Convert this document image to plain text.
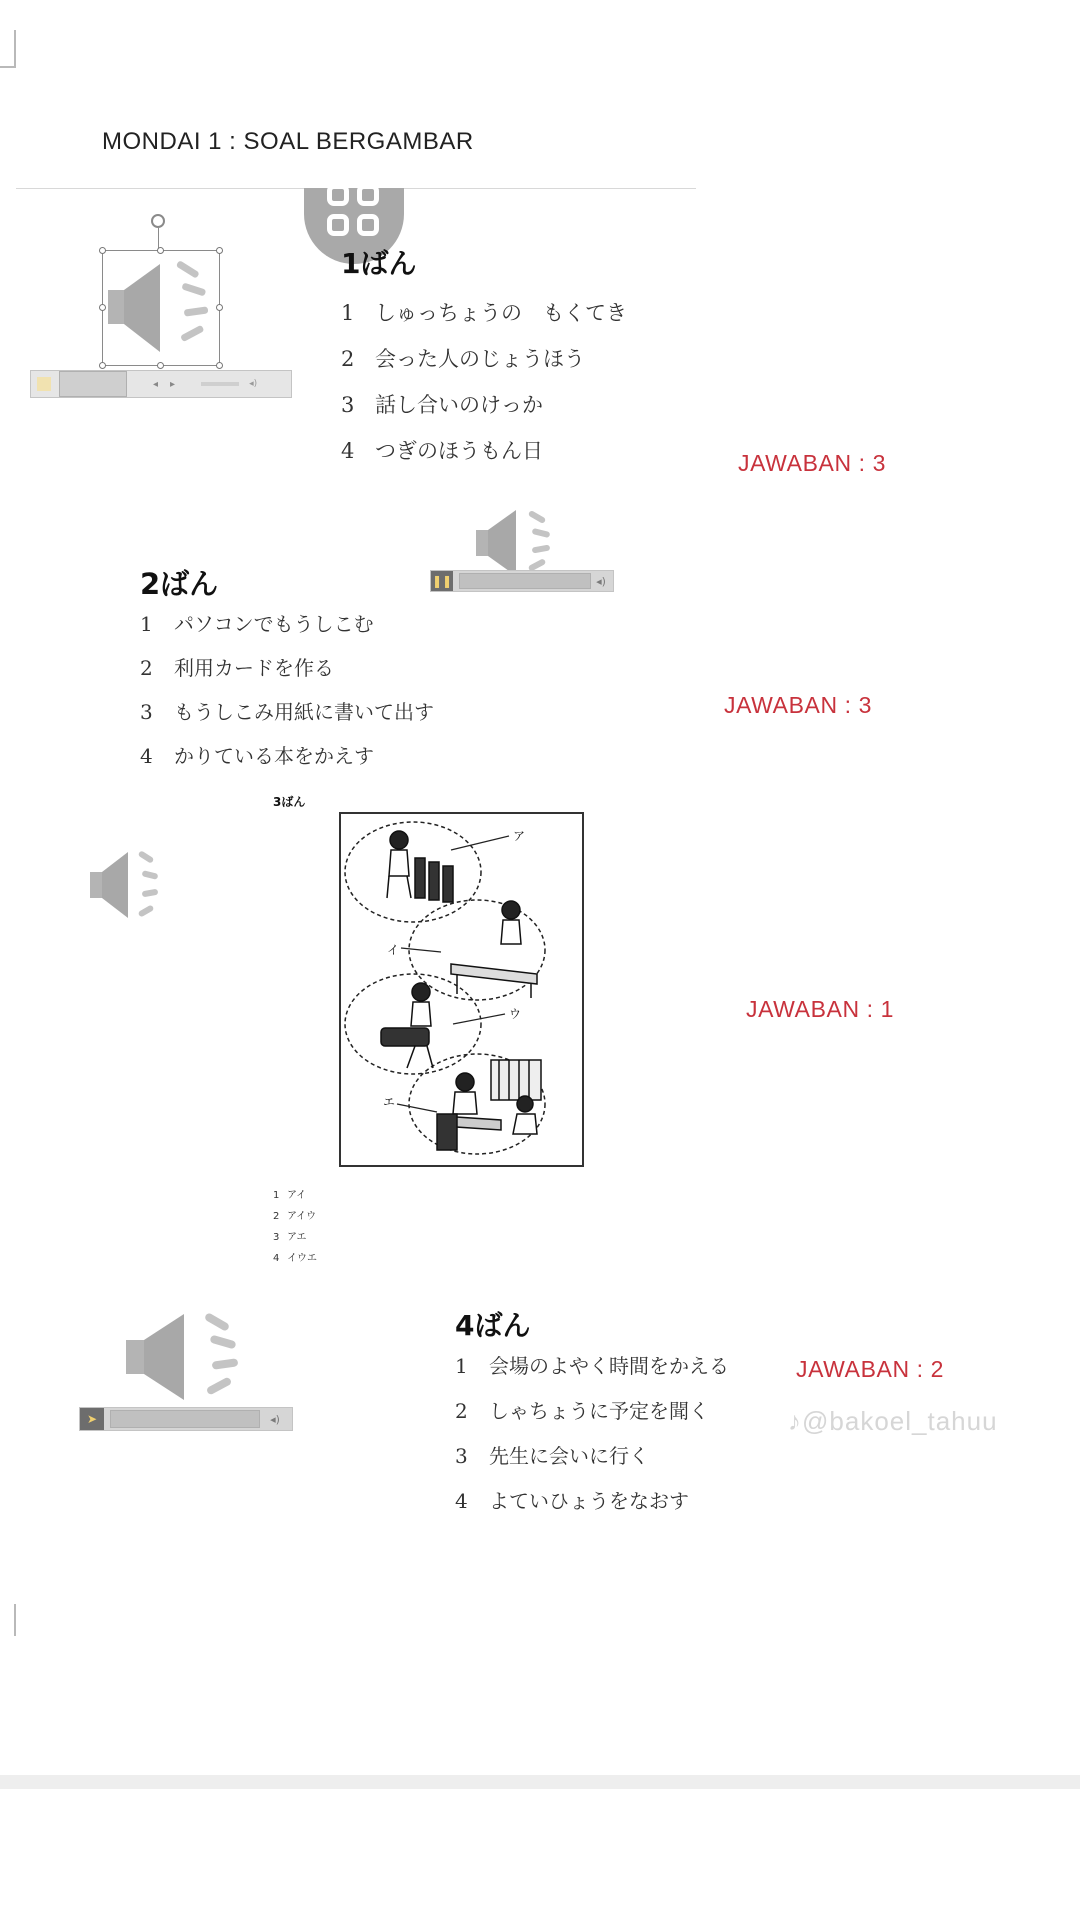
MONDAI 1 : SOAL BERGAMBAR
◂ ▸	◂)
1ばん
1 しゅっちょうの　もくてき
2 会った人のじょうほう
3 話し合いのけっか
4 つぎのほうもん日	JAWABAN : 3
❚❚	◂)
2ばん
1	パソコンでもうしこむ
2	利用カードを作る
3	もうしこみ用紙に書いて出す
4	かりている本をかえす
JAWABAN : 3
3ばん
ア
イ
ウ
エ
1 アイ
2 アイウ
3 アエ
4 イウエ
JAWABAN : 1
➤	◂)
4ばん
1	会場のよやく時間をかえる
2	しゃちょうに予定を聞く
3	先生に会いに行く
4	よていひょうをなおす
JAWABAN : 2
♪@bakoel_tahuu
